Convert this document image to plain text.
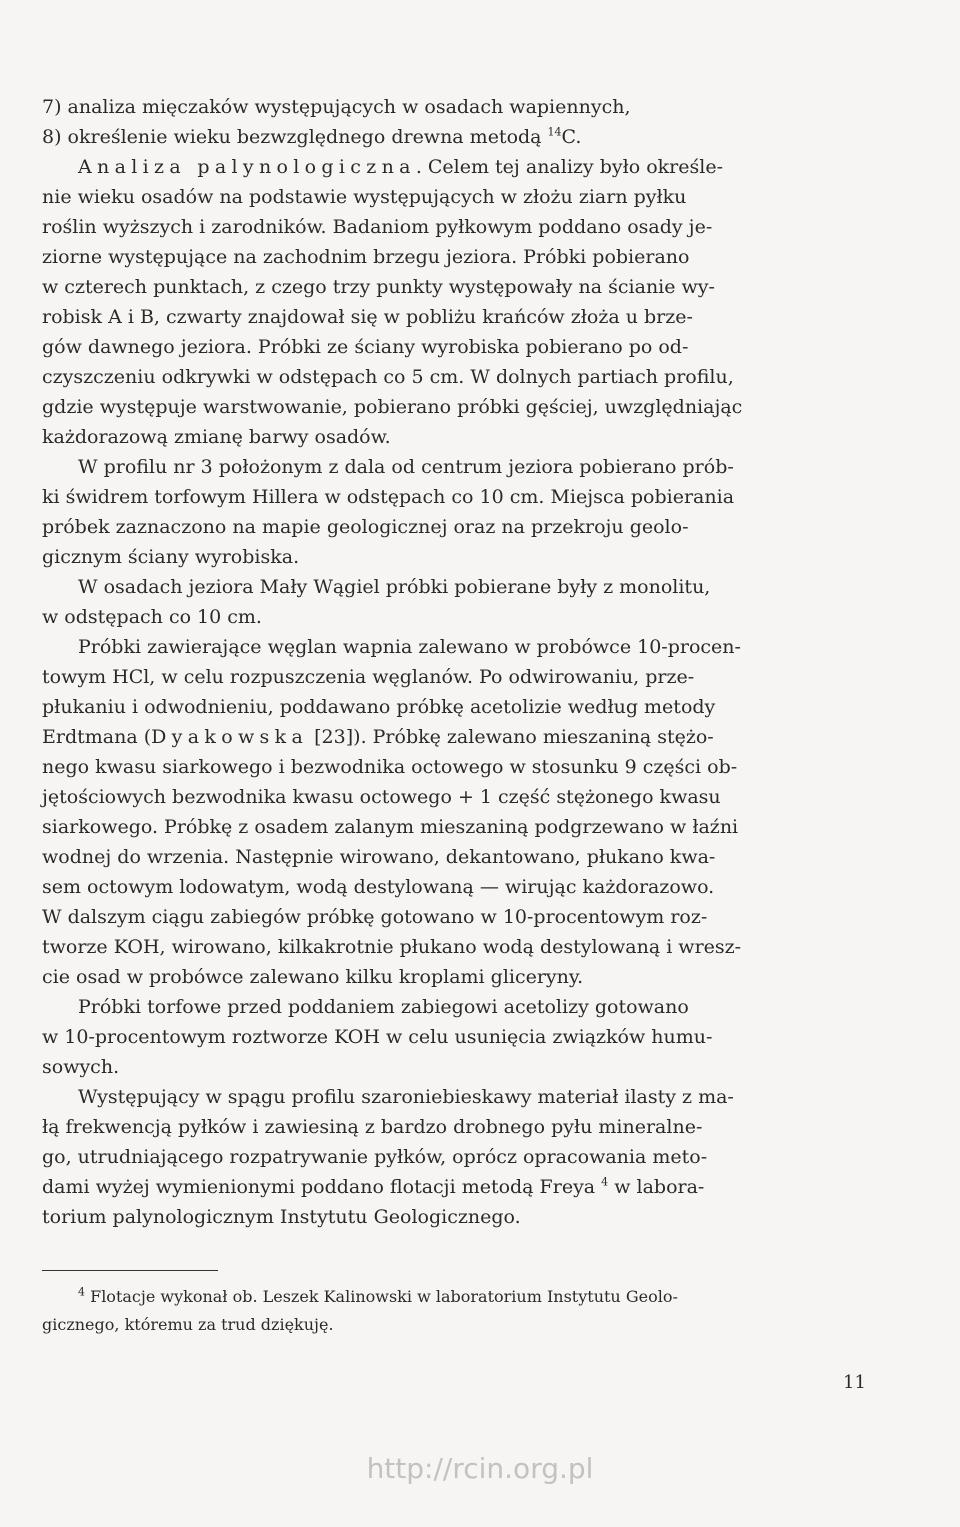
7) analiza mięczaków występujących w osadach wapiennych,
8) określenie wieku bezwzględnego drewna metodą $^{14}$C.
Analiza palynologiczna. Celem tej analizy było określe-
nie wieku osadów na podstawie występujących w złożu ziarn pyłku
roślin wyższych i zarodników. Badaniom pyłkowym poddano osady je-
ziorne występujące na zachodnim brzegu jeziora. Próbki pobierano
w czterech punktach, z czego trzy punkty występowały na ścianie wy-
robisk A i B, czwarty znajdował się w pobliżu krańców złoża u brze-
gów dawnego jeziora. Próbki ze ściany wyrobiska pobierano po od-
czyszczeniu odkrywki w odstępach co 5 cm. W dolnych partiach profilu,
gdzie występuje warstwowanie, pobierano próbki gęściej, uwzględniając
każdorazową zmianę barwy osadów.
W profilu nr 3 położonym z dala od centrum jeziora pobierano prób-
ki świdrem torfowym Hillera w odstępach co 10 cm. Miejsca pobierania
próbek zaznaczono na mapie geologicznej oraz na przekroju geolo-
gicznym ściany wyrobiska.
W osadach jeziora Mały Wągiel próbki pobierane były z monolitu,
w odstępach co 10 cm.
Próbki zawierające węglan wapnia zalewano w probówce 10-procen-
towym HCl, w celu rozpuszczenia węglanów. Po odwirowaniu, prze-
płukaniu i odwodnieniu, poddawano próbkę acetolizie według metody
Erdtmana (Dyakowska [23]). Próbkę zalewano mieszaniną stężo-
nego kwasu siarkowego i bezwodnika octowego w stosunku 9 części ob-
jętościowych bezwodnika kwasu octowego + 1 część stężonego kwasu
siarkowego. Próbkę z osadem zalanym mieszaniną podgrzewano w łaźni
wodnej do wrzenia. Następnie wirowano, dekantowano, płukano kwa-
sem octowym lodowatym, wodą destylowaną — wirując każdorazowo.
W dalszym ciągu zabiegów próbkę gotowano w 10-procentowym roz-
tworze KOH, wirowano, kilkakrotnie płukano wodą destylowaną i wresz-
cie osad w probówce zalewano kilku kroplami gliceryny.
Próbki torfowe przed poddaniem zabiegowi acetolizy gotowano
w 10-procentowym roztworze KOH w celu usunięcia związków humu-
sowych.
Występujący w spągu profilu szaroniebieskawy materiał ilasty z ma-
łą frekwencją pyłków i zawiesiną z bardzo drobnego pyłu mineralne-
go, utrudniającego rozpatrywanie pyłków, oprócz opracowania meto-
dami wyżej wymienionymi poddano flotacji metodą Freya $^4$ w labora-
torium palynologicznym Instytutu Geologicznego.
$^4$ Flotacje wykonał ob. Leszek Kalinowski w laboratorium Instytutu Geolo-
gicznego, któremu za trud dziękuję.
11
http://rcin.org.pl
